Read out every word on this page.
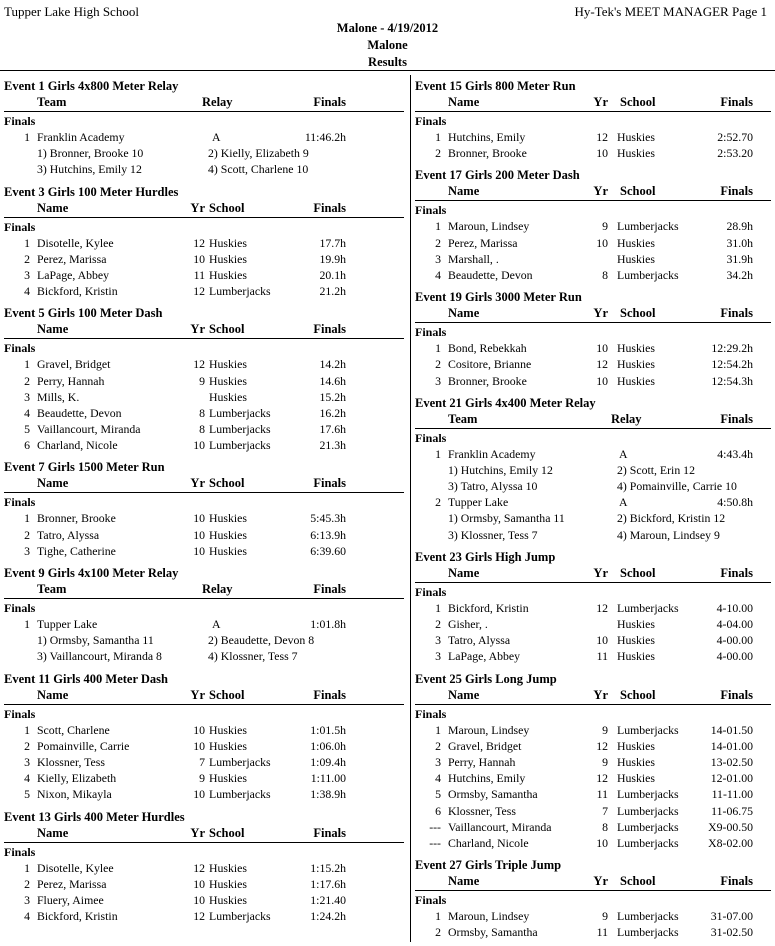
Tupper Lake High School	Hy-Tek's MEET MANAGER Page 1
Malone - 4/19/2012
Malone
Results
Event 1 Girls 4x800 Meter Relay
Team	Relay	Finals
Finals
1 Franklin Academy	A	11:46.2h
1) Bronner, Brooke 10	2) Kielly, Elizabeth 9
3) Hutchins, Emily 12	4) Scott, Charlene 10
Event 3 Girls 100 Meter Hurdles
Name	Yr School	Finals
Finals
1 Disotelle, Kylee	12 Huskies	17.7h
2 Perez, Marissa	10 Huskies	19.9h
3 LaPage, Abbey	11 Huskies	20.1h
4 Bickford, Kristin	12 Lumberjacks	21.2h
Event 5 Girls 100 Meter Dash
Name	Yr School	Finals
Finals
1 Gravel, Bridget	12 Huskies	14.2h
2 Perry, Hannah	9 Huskies	14.6h
3 Mills, K.	Huskies	15.2h
4 Beaudette, Devon	8 Lumberjacks	16.2h
5 Vaillancourt, Miranda	8 Lumberjacks	17.6h
6 Charland, Nicole	10 Lumberjacks	21.3h
Event 7 Girls 1500 Meter Run
Name	Yr School	Finals
Finals
1 Bronner, Brooke	10 Huskies	5:45.3h
2 Tatro, Alyssa	10 Huskies	6:13.9h
3 Tighe, Catherine	10 Huskies	6:39.60
Event 9 Girls 4x100 Meter Relay
Team	Relay	Finals
Finals
1 Tupper Lake	A	1:01.8h
1) Ormsby, Samantha 11	2) Beaudette, Devon 8
3) Vaillancourt, Miranda 8	4) Klossner, Tess 7
Event 11 Girls 400 Meter Dash
Name	Yr School	Finals
Finals
1 Scott, Charlene	10 Huskies	1:01.5h
2 Pomainville, Carrie	10 Huskies	1:06.0h
3 Klossner, Tess	7 Lumberjacks	1:09.4h
4 Kielly, Elizabeth	9 Huskies	1:11.00
5 Nixon, Mikayla	10 Lumberjacks	1:38.9h
Event 13 Girls 400 Meter Hurdles
Name	Yr School	Finals
Finals
1 Disotelle, Kylee	12 Huskies	1:15.2h
2 Perez, Marissa	10 Huskies	1:17.6h
3 Fluery, Aimee	10 Huskies	1:21.40
4 Bickford, Kristin	12 Lumberjacks	1:24.2h
Event 15 Girls 800 Meter Run
Name	Yr School	Finals
Finals
1 Hutchins, Emily	12 Huskies	2:52.70
2 Bronner, Brooke	10 Huskies	2:53.20
Event 17 Girls 200 Meter Dash
Name	Yr School	Finals
Finals
1 Maroun, Lindsey	9 Lumberjacks	28.9h
2 Perez, Marissa	10 Huskies	31.0h
3 Marshall, .	Huskies	31.9h
4 Beaudette, Devon	8 Lumberjacks	34.2h
Event 19 Girls 3000 Meter Run
Name	Yr School	Finals
Finals
1 Bond, Rebekkah	10 Huskies	12:29.2h
2 Cositore, Brianne	12 Huskies	12:54.2h
3 Bronner, Brooke	10 Huskies	12:54.3h
Event 21 Girls 4x400 Meter Relay
Team	Relay	Finals
Finals
1 Franklin Academy	A	4:43.4h
1) Hutchins, Emily 12	2) Scott, Erin 12
3) Tatro, Alyssa 10	4) Pomainville, Carrie 10
2 Tupper Lake	A	4:50.8h
1) Ormsby, Samantha 11	2) Bickford, Kristin 12
3) Klossner, Tess 7	4) Maroun, Lindsey 9
Event 23 Girls High Jump
Name	Yr School	Finals
Finals
1 Bickford, Kristin	12 Lumberjacks	4-10.00
2 Gisher, .	Huskies	4-04.00
3 Tatro, Alyssa	10 Huskies	4-00.00
3 LaPage, Abbey	11 Huskies	4-00.00
Event 25 Girls Long Jump
Name	Yr School	Finals
Finals
1 Maroun, Lindsey	9 Lumberjacks	14-01.50
2 Gravel, Bridget	12 Huskies	14-01.00
3 Perry, Hannah	9 Huskies	13-02.50
4 Hutchins, Emily	12 Huskies	12-01.00
5 Ormsby, Samantha	11 Lumberjacks	11-11.00
6 Klossner, Tess	7 Lumberjacks	11-06.75
--- Vaillancourt, Miranda	8 Lumberjacks	X9-00.50
--- Charland, Nicole	10 Lumberjacks	X8-02.00
Event 27 Girls Triple Jump
Name	Yr School	Finals
Finals
1 Maroun, Lindsey	9 Lumberjacks	31-07.00
2 Ormsby, Samantha	11 Lumberjacks	31-02.50
